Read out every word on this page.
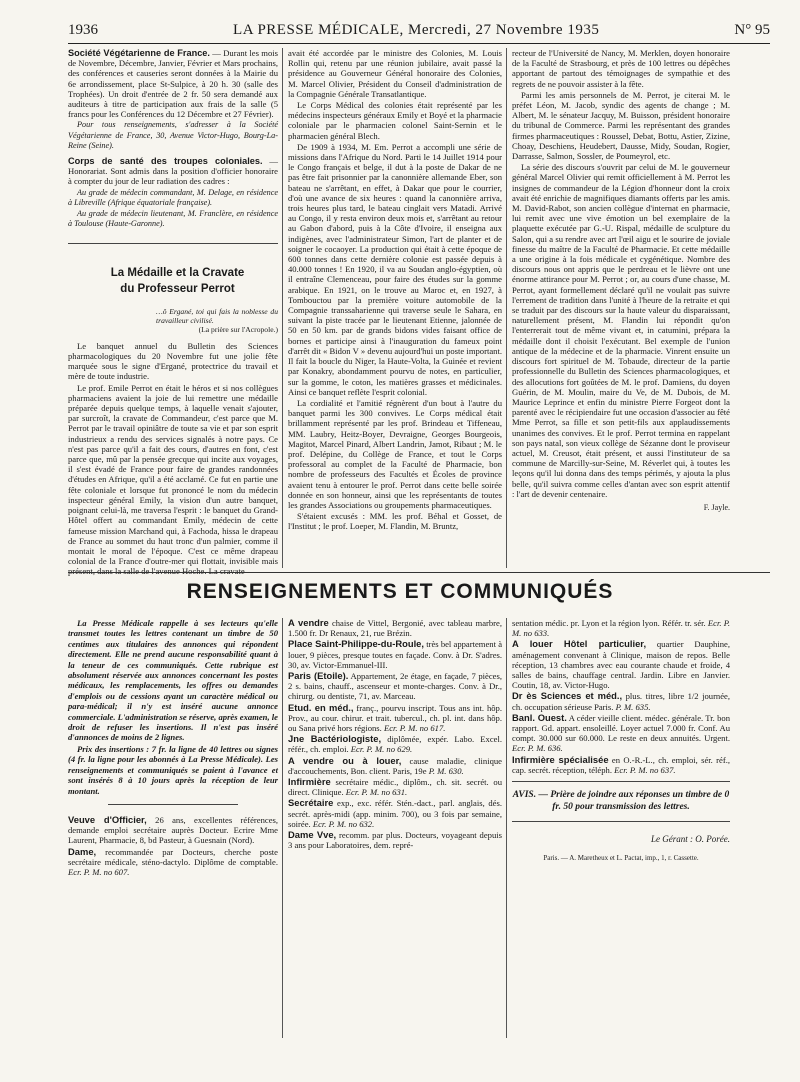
1936	LA PRESSE MÉDICALE, Mercredi, 27 Novembre 1935	N° 95

Société Végétarienne de France. — Durant les mois de Novembre, Décembre, Janvier, Février et Mars prochains, des conférences et causeries seront données à la Mairie du 6e arrondissement, place St-Sulpice, à 20 h. 30 (salle des Trophées). Un droit d'entrée de 2 fr. 50 sera demandé aux auditeurs à titre de participation aux frais de la salle (5 francs pour les Conférences du 12 Décembre et 27 Février).

Pour tous renseignements, s'adresser à la Société Végétarienne de France, 30, Avenue Victor-Hugo, Bourg-La-Reine (Seine).

Corps de santé des troupes coloniales. — Honorariat. Sont admis dans la position d'officier honoraire à compter du jour de leur radiation des cadres :

Au grade de médecin commandant, M. Delage, en résidence à Libreville (Afrique équatoriale française).

Au grade de médecin lieutenant, M. Franclère, en résidence à Toulouse (Haute-Garonne).

La Médaille et la Cravate

du Professeur Perrot

…ô Ergané, toi qui fais la noblesse du travailleur civilisé.
(La prière sur l'Acropole.)

Le banquet annuel du Bulletin des Sciences pharmacologiques du 20 Novembre fut une jolie fête marquée sous le signe d'Ergané, protectrice du travail et mère de toute industrie.

Le prof. Emile Perrot en était le héros et si nos collègues pharmaciens avaient la joie de lui remettre une médaille préparée depuis quelque temps, à laquelle venait s'ajouter, par surcroît, la cravate de Commandeur, c'est parce que M. Perrot par le travail opiniâtre de toute sa vie et par son esprit industrieux a rendu des services signalés à notre pays. Ce n'est pas parce qu'il a fait des cours, d'autres en font, c'est parce que, mû par la pensée grecque qui incite aux voyages, il s'est évadé de France pour faire de grandes randonnées d'études en Afrique, qu'il a été acclamé. Ce fut en partie une fête coloniale et lorsque fut prononcé le nom du médecin inspecteur général Emily, la vision d'un autre banquet, poignant celui-là, me traversa l'esprit : le banquet du Grand-Hôtel offert au commandant Emily, médecin de cette fameuse mission Marchand qui, à Fachoda, hissa le drapeau de France au sommet du haut tronc d'un palmier, comme il montait le moral de l'époque. C'est ce même drapeau colonial de la France d'outre-mer qui flottait, invisible mais présent, dans la salle de l'avenue Hoche. La cravate

avait été accordée par le ministre des Colonies, M. Louis Rollin qui, retenu par une réunion jubilaire, avait passé la présidence au Gouverneur Général honoraire des Colonies, M. Marcel Olivier, Président du Conseil d'administration de la Compagnie Générale Transatlantique.

Le Corps Médical des colonies était représenté par les médecins inspecteurs généraux Emily et Boyé et la pharmacie coloniale par le pharmacien colonel Saint-Sernin et le pharmacien général Blech.

De 1909 à 1934, M. Em. Perrot a accompli une série de missions dans l'Afrique du Nord. Parti le 14 Juillet 1914 pour le Congo français et belge, il dut à la poste de Dakar de ne pas être fait prisonnier par la canonnière allemande Eber, son bateau ne s'arrêtant, en effet, à Dakar que pour le courrier, d'où une avance de six heures : quand la canonnière arriva, trois heures plus tard, le bateau cinglait vers Matadi. Arrivé au Congo, il y resta environ deux mois et, s'arrêtant au retour au Gabon d'abord, puis à la Côte d'Ivoire, il enseigna aux indigènes, avec l'administrateur Simon, l'art de planter et de soigner le cocaoyer. La production qui était à cette époque de 600 tonnes dans cette dernière colonie est passée depuis à 40.000 tonnes ! En 1920, il va au Soudan anglo-égyptien, où il entraîne Clemenceau, pour faire des études sur la gomme arabique. En 1921, on le trouve au Maroc et, en 1927, à Tombouctou par la première voiture automobile de la Compagnie transsaharienne qui traverse seule le Sahara, en suivant la piste tracée par le lieutenant Etienne, jalonnée de 50 en 50 km. par de grands bidons vides faisant office de bornes et participe ainsi à l'inauguration du fameux point d'arrêt dit « Bidon V » devenu aujourd'hui un poste important. Il fait la boucle du Niger, la Haute-Volta, la Guinée et revient par Konakry, abondamment pourvu de notes, en particulier, sur la gomme, le coton, les matières grasses et médicinales. Ainsi ce banquet reflète l'esprit colonial.

La cordialité et l'amitié régnèrent d'un bout à l'autre du banquet parmi les 300 convives. Le Corps médical était brillamment représenté par les prof. Brindeau et Tiffeneau, MM. Laubry, Heitz-Boyer, Devraigne, Georges Bourgeois, Magitot, Marcel Pinard, Albert Landrin, Jamot, Ribaut ; M. le prof. Delépine, du Collège de France, et tout le Corps professoral au complet de la Faculté de Pharmacie, bon nombre de professeurs des Facultés et Écoles de province avaient tenu à entourer le prof. Perrot dans cette belle soirée donnée en son honneur, ainsi que les représentants de toutes les grandes Associations ou groupements pharmaceutiques.

S'étaient excusés : MM. les prof. Béhal et Gosset, de l'Institut ; le prof. Loeper, M. Flandin, M. Bruntz,

recteur de l'Université de Nancy, M. Merklen, doyen honoraire de la Faculté de Strasbourg, et près de 100 lettres ou dépêches apportant de partout des témoignages de sympathie et des regrets de ne pouvoir assister à la fête.

Parmi les amis personnels de M. Perrot, je citerai M. le préfet Léon, M. Jacob, syndic des agents de change ; M. Albert, M. le sénateur Jacquy, M. Buisson, président honoraire du tribunal de Commerce. Parmi les représentant des grandes firmes pharmaceutiques : Roussel, Debat, Bottu, Astier, Zizine, Choay, Deschiens, Heudebert, Dausse, Midy, Soudan, Rogier, Darrasse, Salmon, Sossler, de Poumeyrol, etc.

La série des discours s'ouvrit par celui de M. le gouverneur général Marcel Olivier qui remit officiellement à M. Perrot les insignes de commandeur de la Légion d'honneur dont la croix avait été enrichie de magnifiques diamants offerts par les amis. M. David-Rabot, son ancien collègue d'internat en pharmacie, lui remit avec une vive émotion un bel exemplaire de la plaquette exécutée par G.-U. Rispal, médaille de sculpture du Salon, qui a su rendre avec art l'œil aigu et le sourire de joviale finesse du maître de la Faculté de Pharmacie. Et cette médaille a une origine à la fois médicale et cygénétique. Nombre des discours nous ont appris que le perdreau et le lièvre ont une énorme attirance pour M. Perrot ; or, au cours d'une chasse, M. Perrot, ayant formellement déclaré qu'il ne voulait pas suivre l'errement de tradition dans l'unité à l'heure de la retraite et qui se traduit par des discours sur la haute valeur du disparaissant, naturellement présent, M. Flandin lui répondit qu'on l'enterrerait tout de même vivant et, in catumini, prépara la médaille dont il choisit l'exécutant. Bel exemple de l'union antique de la médecine et de la pharmacie. Vinrent ensuite un discours fort spirituel de M. Tobaude, directeur de la partie professionnelle du Bulletin des Sciences pharmacologiques, et des allocutions fort goûtées de M. le prof. Damiens, du doyen Guérin, de M. Moulin, maire du Ve, de M. Dubois, de M. Maurice Leprince et enfin du ministre Pierre Forgeot dont la parenté avec le récipiendaire fut une occasion d'associer au fêté Mme Perrot, sa fille et son petit-fils aux applaudissements unanimes des convives. Et le prof. Perrot termina en rappelant son pays natal, son vieux collège de Sézanne dont le proviseur actuel, M. Creusot, était présent, et aussi l'instituteur de sa commune de Marcilly-sur-Seine, M. Réverlet qui, à toutes les leçons qu'il lui donna dans des temps périmés, y ajouta la plus belle, qu'il suivra comme celles d'antan avec son esprit attentif : l'art de devenir centenaire.

F. Jayle.
RENSEIGNEMENTS ET COMMUNIQUÉS

La Presse Médicale rappelle à ses lecteurs qu'elle transmet toutes les lettres contenant un timbre de 50 centimes aux titulaires des annonces qui répondent directement. Elle ne prend aucune responsabilité quant à la teneur de ces communiqués. Cette rubrique est absolument réservée aux annonces concernant les postes médicaux, les remplacements, les offres ou demandes d'emplois ou de cessions ayant un caractère médical ou para-médical; il n'y est inséré aucune annonce commerciale. L'administration se réserve, après examen, le droit de refuser les insertions. Il n'est pas inséré d'annonces de moins de 2 lignes.

Prix des insertions : 7 fr. la ligne de 40 lettres ou signes (4 fr. la ligne pour les abonnés à La Presse Médicale). Les renseignements et communiqués se paient à l'avance et sont insérés 8 à 10 jours après la réception de leur montant.

Veuve d'Officier, 26 ans, excellentes références, demande emploi secrétaire auprès Docteur. Ecrire Mme Laurent, Pharmacie, 8, bd Pasteur, à Guesnain (Nord).

Dame, recommandée par Docteurs, cherche poste secrétaire médicale, sténo-dactylo. Diplôme de comptable. Ecr. P. M. no 607.

A vendre chaise de Vittel, Bergonié, avec tableau marbre, 1.500 fr. Dr Renaux, 21, rue Brézin.

Place Saint-Philippe-du-Roule, très bel appartement à louer, 9 pièces, presque toutes en façade. Conv. à Dr. S'adres. 30, av. Victor-Emmanuel-III.

Paris (Etoile). Appartement, 2e étage, en façade, 7 pièces, 2 s. bains, chauff., ascenseur et monte-charges. Conv. à Dr., chirurg. ou dentiste, 71, av. Marceau.

Etud. en méd., franç., pourvu inscript. Tous ans int. hôp. Prov., au cour. chirur. et trait. tubercul., ch. pl. int. dans hôp. ou Sana privé hors régions. Ecr. P. M. no 617.

Jne Bactériologiste, diplômée, expér. Labo. Excel. référ., ch. emploi. Ecr. P. M. no 629.

A vendre ou à louer, cause maladie, clinique d'accouchements, Bon. client. Paris, 19e P. M. 630.

Infirmière secrétaire médic., diplôm., ch. sit. secrét. ou direct. Clinique. Ecr. P. M. no 631.

Secrétaire exp., exc. référ. Stén.-dact., parl. anglais, dés. secrét. après-midi (app. minim. 700), ou 3 fois par semaine, soirée. Ecr. P. M. no 632.

Dame Vve, recomm. par plus. Docteurs, voyageant depuis 3 ans pour Laboratoires, dem. repré-

sentation médic. pr. Lyon et la région lyon. Référ. tr. sér. Ecr. P. M. no 633.

A louer Hôtel particulier, quartier Dauphine, aménagement convenant à Clinique, maison de repos. Belle réception, 13 chambres avec eau courante chaude et froide, 4 salles de bains, chauffage central. Jardin. Libre en Janvier. Coutin, 18, av. Victor-Hugo.

Dr ès Sciences et méd., plus. titres, libre 1/2 journée, ch. occupation sérieuse Paris. P. M. 635.

Banl. Ouest. A céder vieille client. médec. générale. Tr. bon rapport. Gd. appart. ensoleillé. Loyer actuel 7.000 fr. Conf. Au compt. 30.000 sur 60.000. Le reste en deux annuités. Urgent. Ecr. P. M. 636.

Infirmière spécialisée en O.-R.-L., ch. emploi, sér. réf., cap. secrét. réception, téléph. Ecr. P. M. no 637.

AVIS. — Prière de joindre aux réponses un timbre de 0 fr. 50 pour transmission des lettres.
Le Gérant : O. Porée.
Paris. — A. Maretheux et L. Pactat, imp., 1, r. Cassette.
